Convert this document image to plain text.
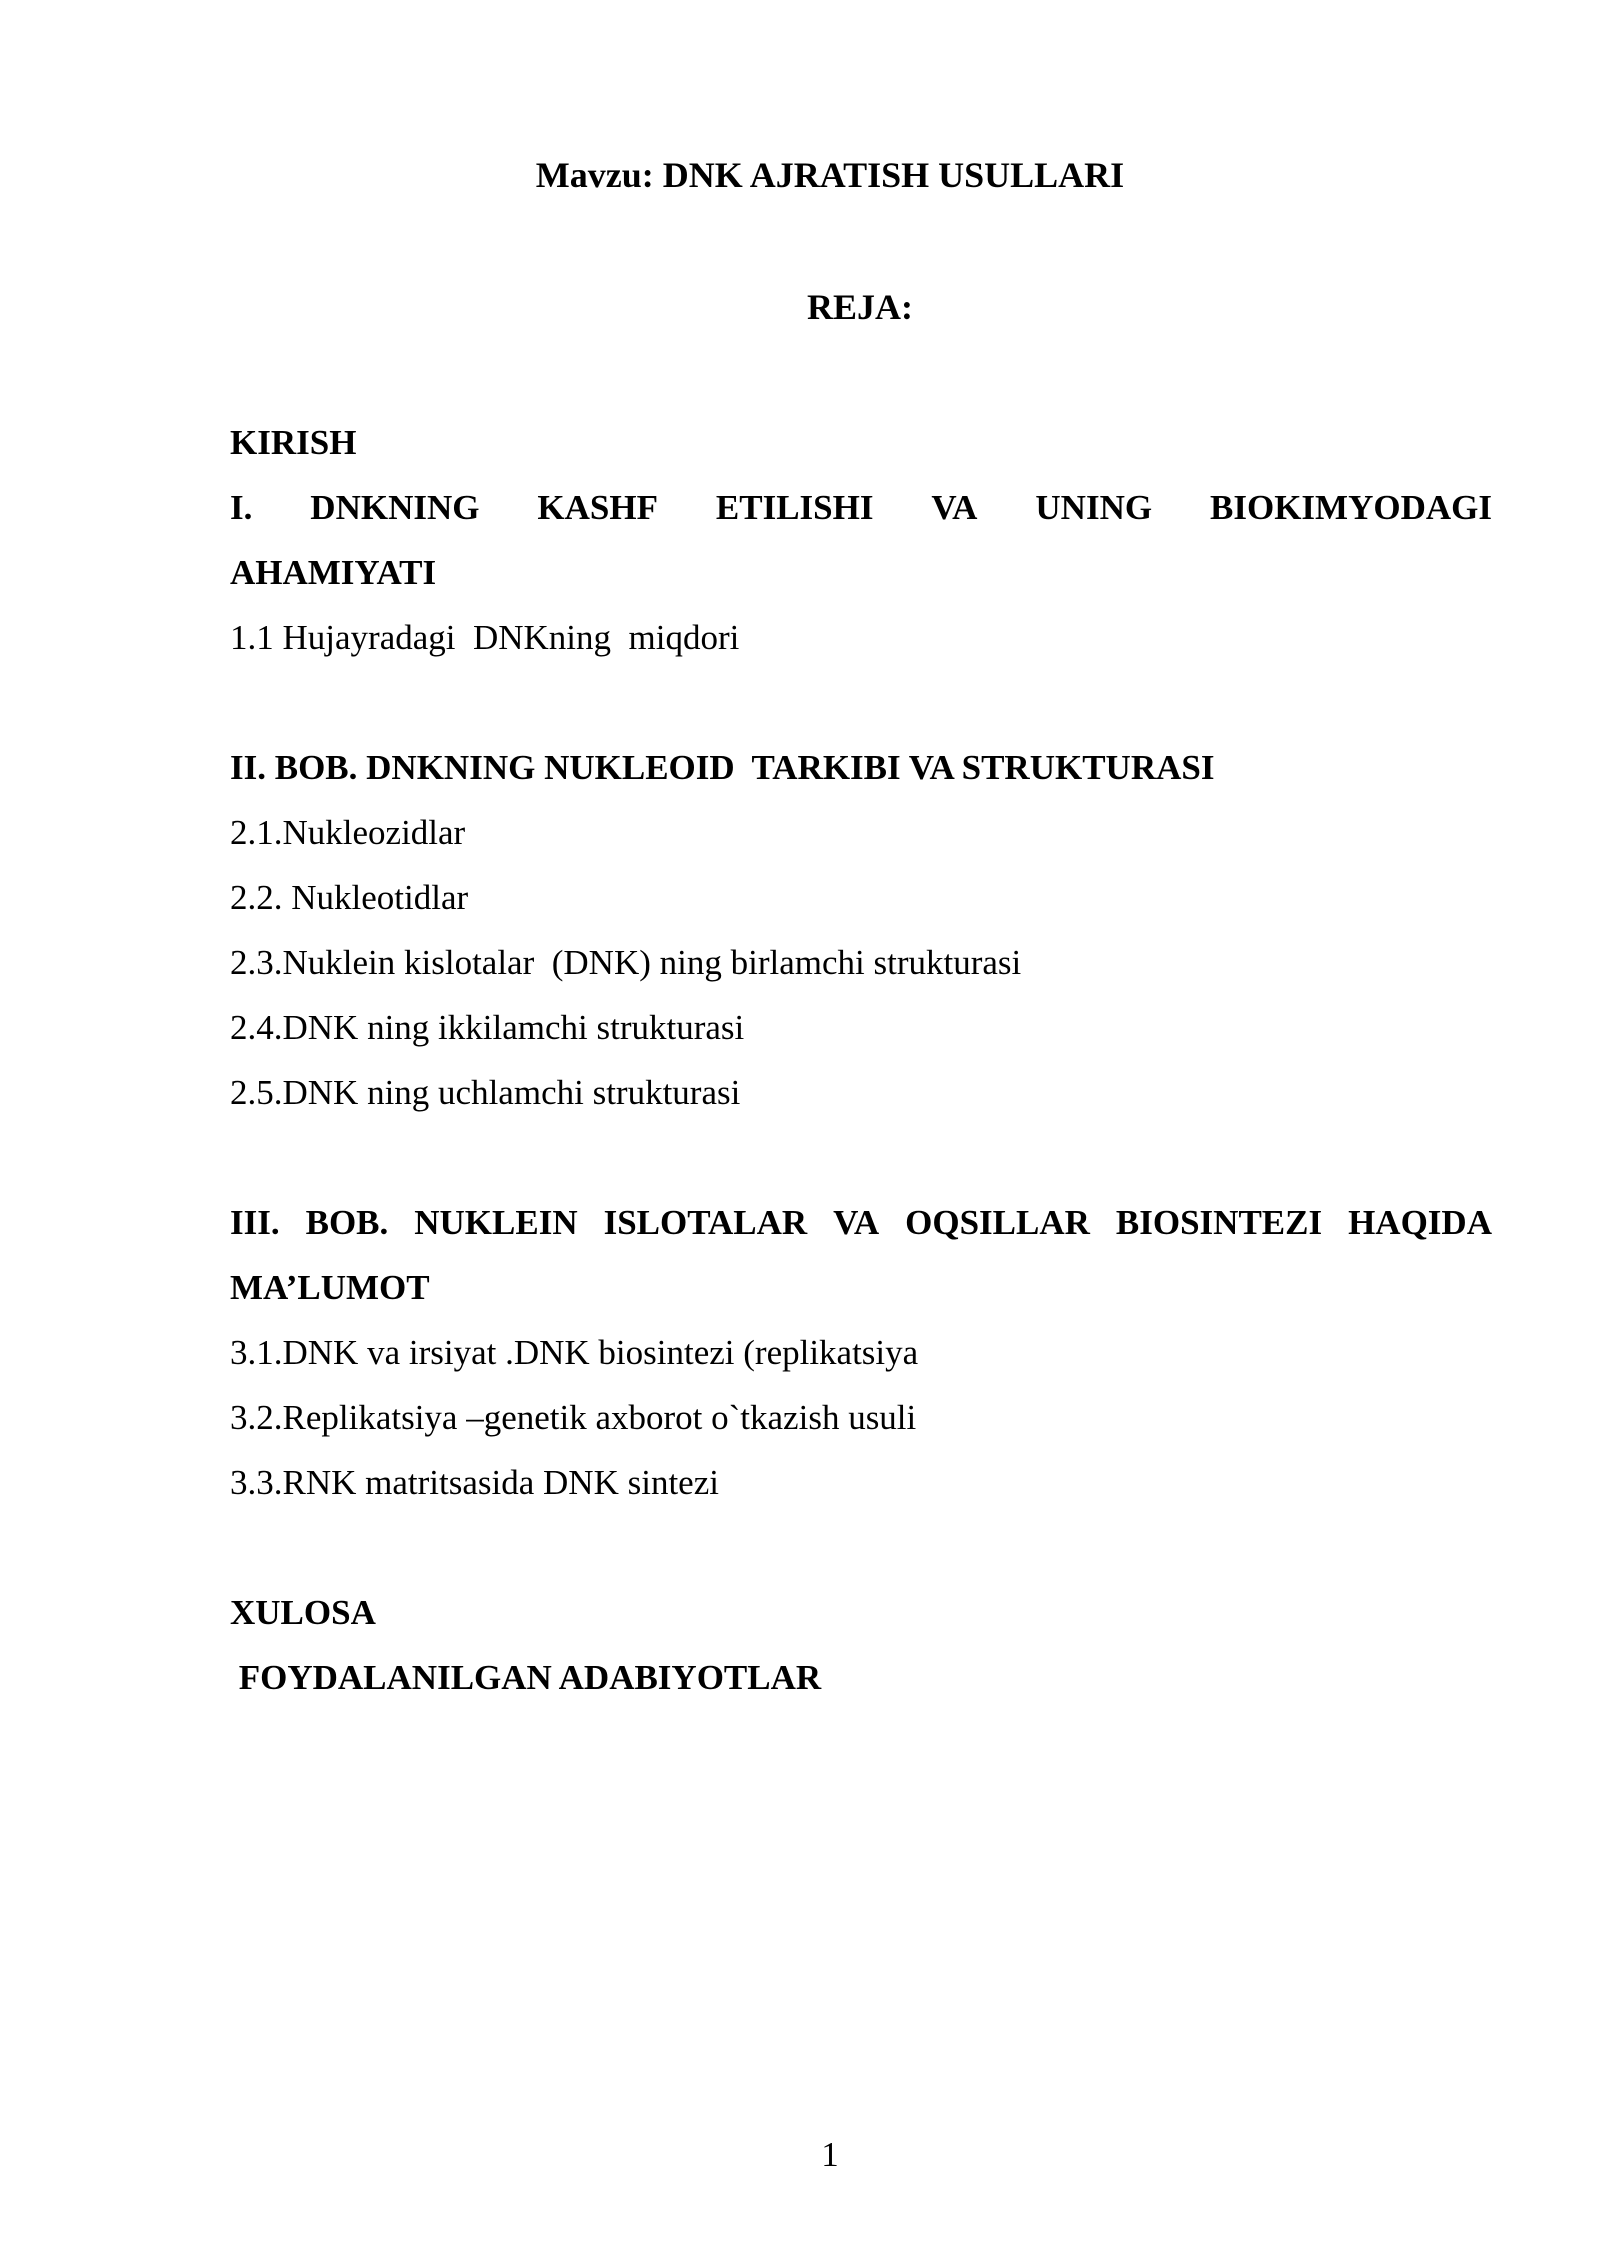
Mavzu: DNK AJRATISH USULLARI
REJA:
KIRISH
I. DNKNING KASHF ETILISHI VA UNING BIOKIMYODAGI
AHAMIYATI
1.1 Hujayradagi  DNKning  miqdori
II. BOB. DNKNING NUKLEOID  TARKIBI VA STRUKTURASI
2.1.Nukleozidlar
2.2. Nukleotidlar
2.3.Nuklein kislotalar  (DNK) ning birlamchi strukturasi
2.4.DNK ning ikkilamchi strukturasi
2.5.DNK ning uchlamchi strukturasi
III. BOB. NUKLEIN ISLOTALAR VA OQSILLAR BIOSINTEZI HAQIDA
MA’LUMOT
3.1.DNK va irsiyat .DNK biosintezi (replikatsiya
3.2.Replikatsiya –genetik axborot o`tkazish usuli
3.3.RNK matritsasida DNK sintezi
XULOSA
FOYDALANILGAN ADABIYOTLAR
1
